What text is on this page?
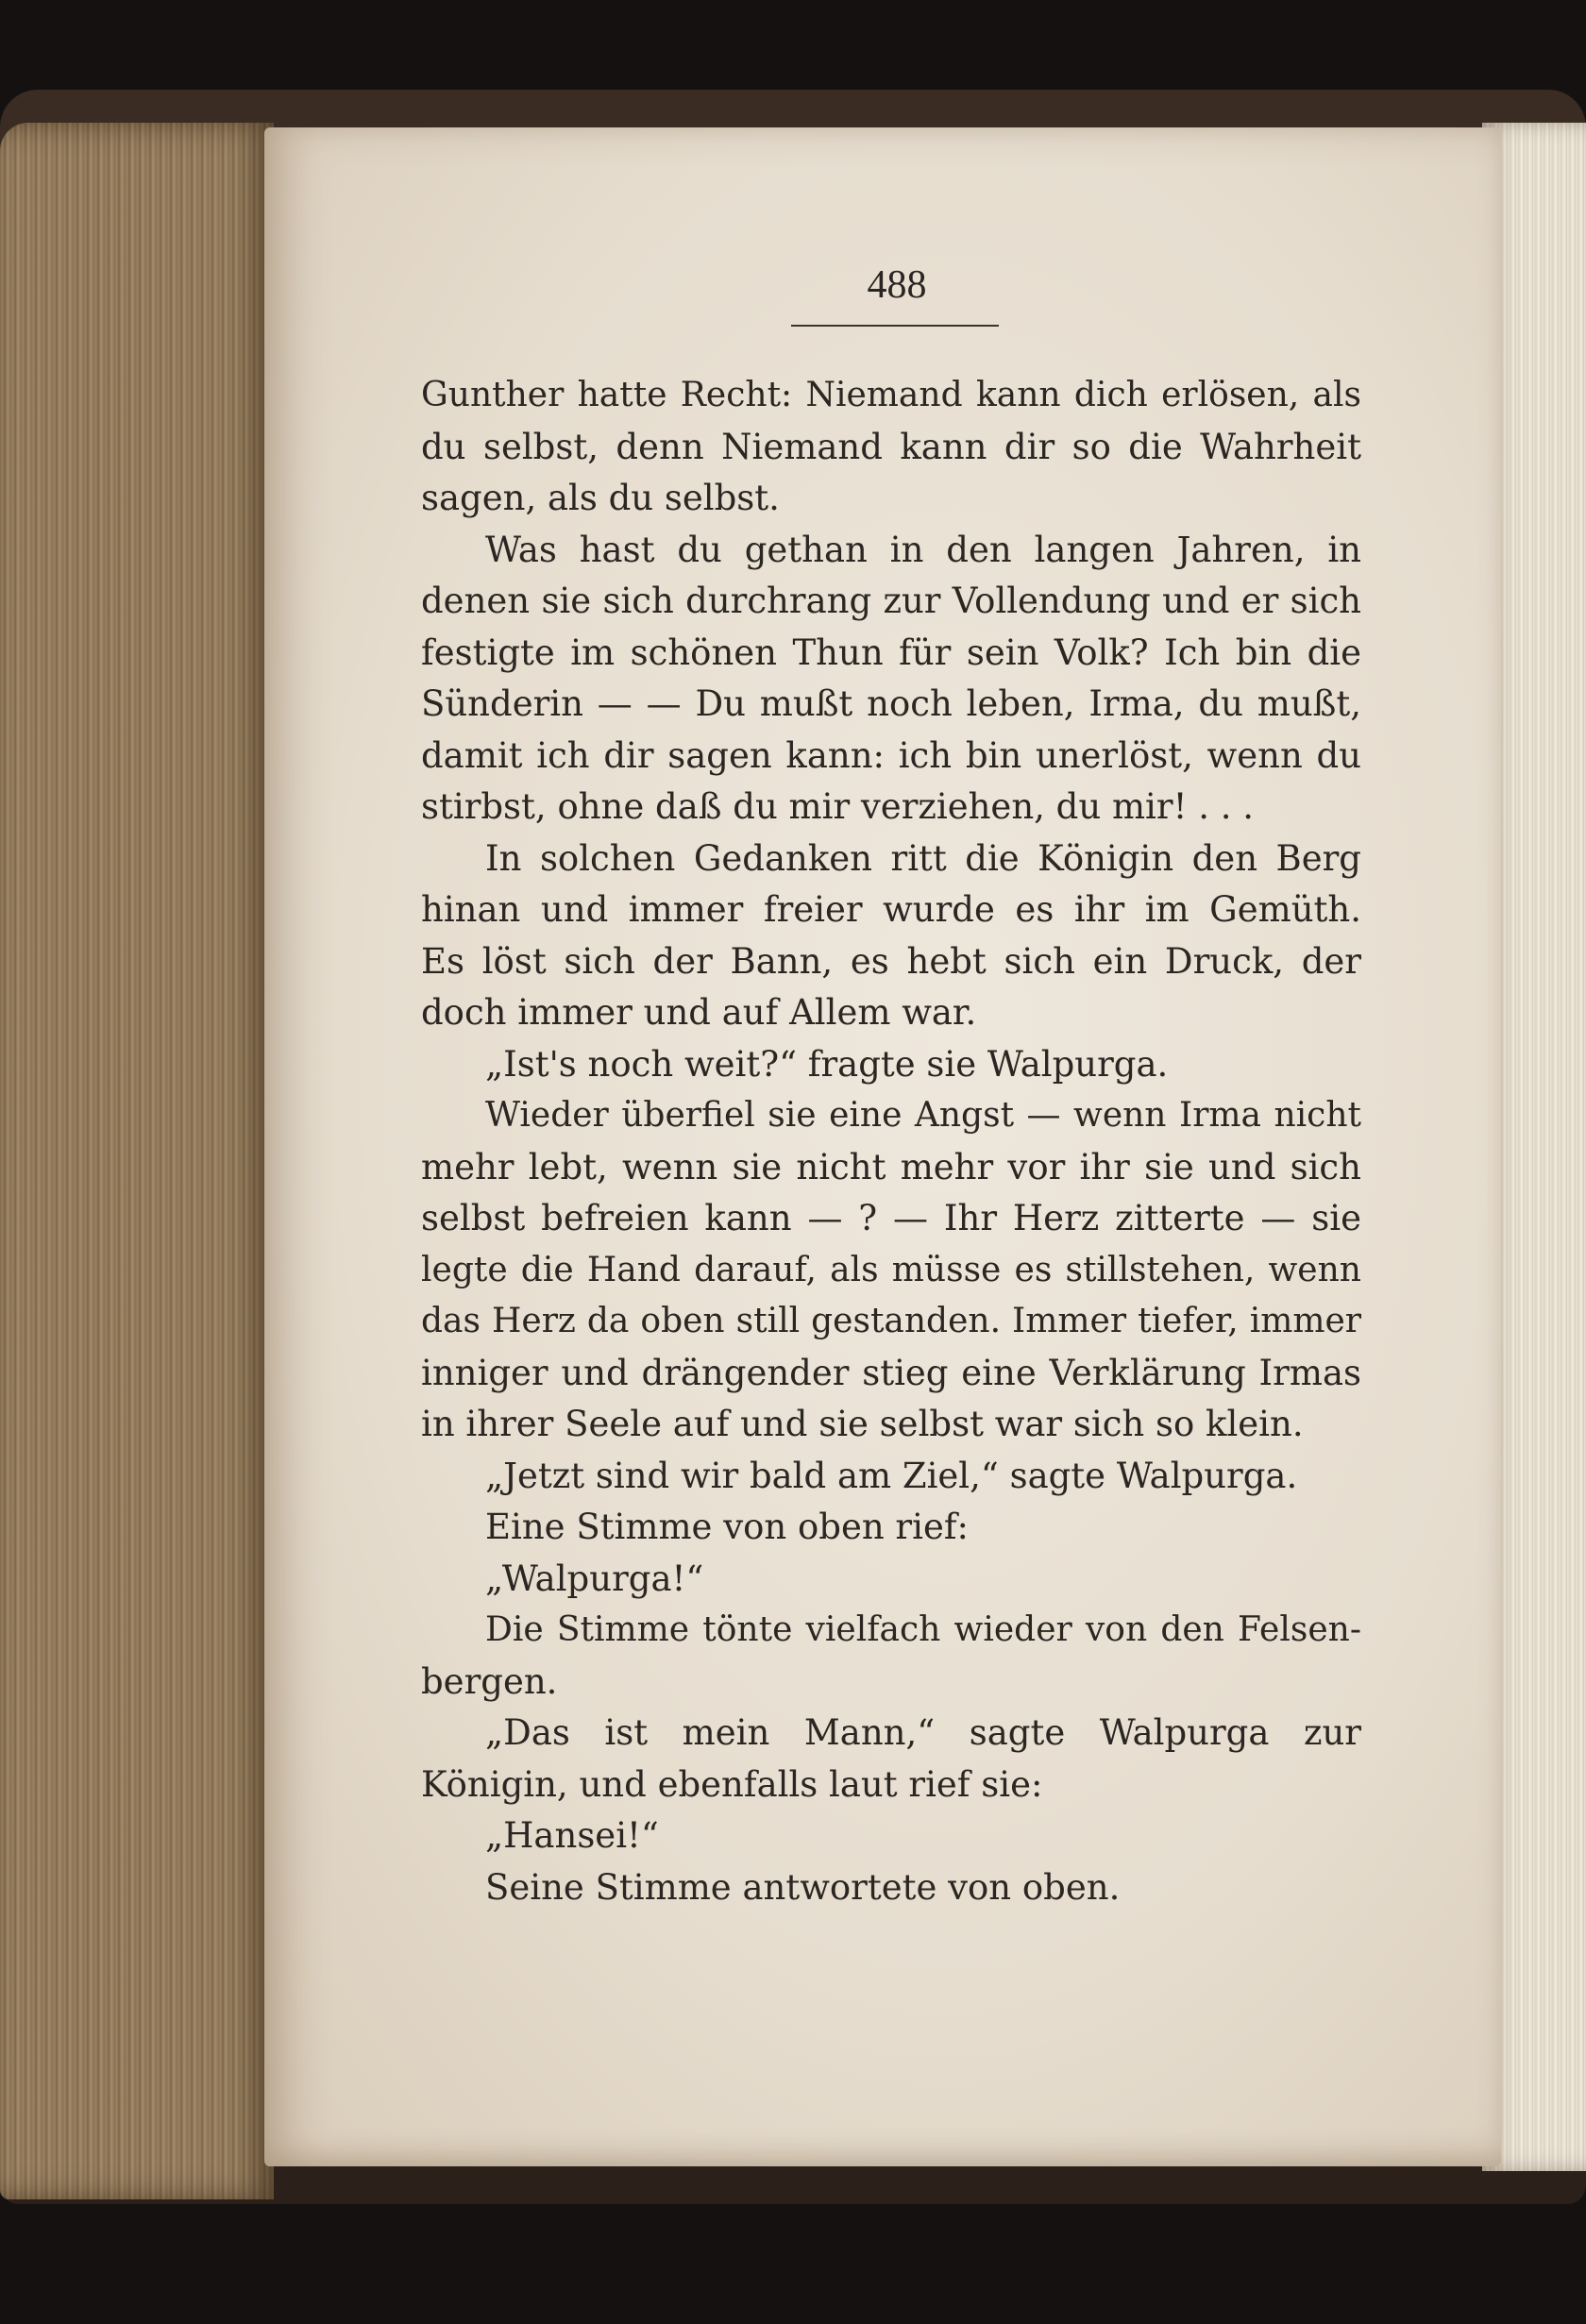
488
Gunther hatte Recht: Niemand kann dich erlösen, als
du selbst, denn Niemand kann dir so die Wahrheit
sagen, als du selbst.
Was hast du gethan in den langen Jahren, in
denen sie sich durchrang zur Vollendung und er sich
festigte im schönen Thun für sein Volk? Ich bin die
Sünderin — — Du mußt noch leben, Irma, du mußt,
damit ich dir sagen kann: ich bin unerlöst, wenn du
stirbst, ohne daß du mir verziehen, du mir! . . .
In solchen Gedanken ritt die Königin den Berg
hinan und immer freier wurde es ihr im Gemüth.
Es löst sich der Bann, es hebt sich ein Druck, der
doch immer und auf Allem war.
„Ist's noch weit?“ fragte sie Walpurga.
Wieder überfiel sie eine Angst — wenn Irma nicht
mehr lebt, wenn sie nicht mehr vor ihr sie und sich
selbst befreien kann — ? — Ihr Herz zitterte — sie
legte die Hand darauf, als müsse es stillstehen, wenn
das Herz da oben still gestanden. Immer tiefer, immer
inniger und drängender stieg eine Verklärung Irmas
in ihrer Seele auf und sie selbst war sich so klein.
„Jetzt sind wir bald am Ziel,“ sagte Walpurga.
Eine Stimme von oben rief:
„Walpurga!“
Die Stimme tönte vielfach wieder von den Felsen-
bergen.
„Das ist mein Mann,“ sagte Walpurga zur
Königin, und ebenfalls laut rief sie:
„Hansei!“
Seine Stimme antwortete von oben.
